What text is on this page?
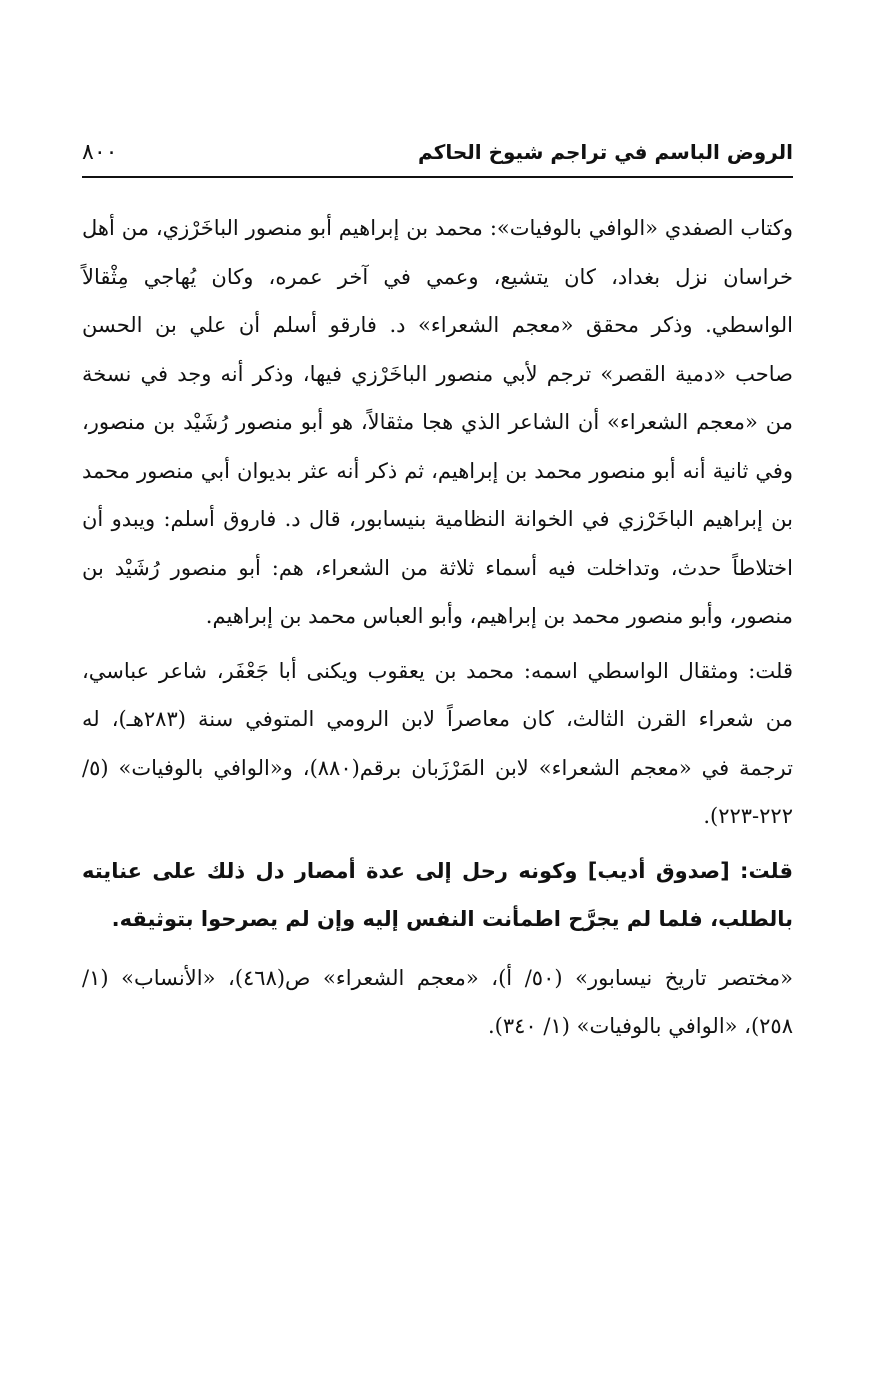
الروض الباسم في تراجم شيوخ الحاكم
٨٠٠

وكتاب الصفدي «الوافي بالوفيات»: محمد بن إبراهيم أبو منصور الباخَرْزي، من أهل خراسان نزل بغداد، كان يتشيع، وعمي في آخر عمره، وكان يُهاجي مِثْقالاً الواسطي. وذكر محقق «معجم الشعراء» د. فارقو أسلم أن علي بن الحسن صاحب «دمية القصر» ترجم لأبي منصور الباخَرْزي فيها، وذكر أنه وجد في نسخة من «معجم الشعراء» أن الشاعر الذي هجا مثقالاً، هو أبو منصور رُشَيْد بن منصور، وفي ثانية أنه أبو منصور محمد بن إبراهيم، ثم ذكر أنه عثر بديوان أبي منصور محمد بن إبراهيم الباخَرْزي في الخوانة النظامية بنيسابور، قال د. فاروق أسلم: ويبدو أن اختلاطاً حدث، وتداخلت فيه أسماء ثلاثة من الشعراء، هم: أبو منصور رُشَيْد بن منصور، وأبو منصور محمد بن إبراهيم، وأبو العباس محمد بن إبراهيم.

قلت: ومثقال الواسطي اسمه: محمد بن يعقوب ويكنى أبا جَعْفَر، شاعر عباسي، من شعراء القرن الثالث، كان معاصراً لابن الرومي المتوفي سنة (٢٨٣هـ)، له ترجمة في «معجم الشعراء» لابن المَرْزَبان برقم(٨٨٠)، و«الوافي بالوفيات» (٥/ ٢٢٢-٢٢٣).

قلت: [صدوق أديب] وكونه رحل إلى عدة أمصار دل ذلك على عنايته بالطلب، فلما لم يجرَّح اطمأنت النفس إليه وإن لم يصرحوا بتوثيقه.

«مختصر تاريخ نيسابور» (٥٠/ أ)، «معجم الشعراء» ص(٤٦٨)، «الأنساب» (١/ ٢٥٨)، «الوافي بالوفيات» (١/ ٣٤٠).
